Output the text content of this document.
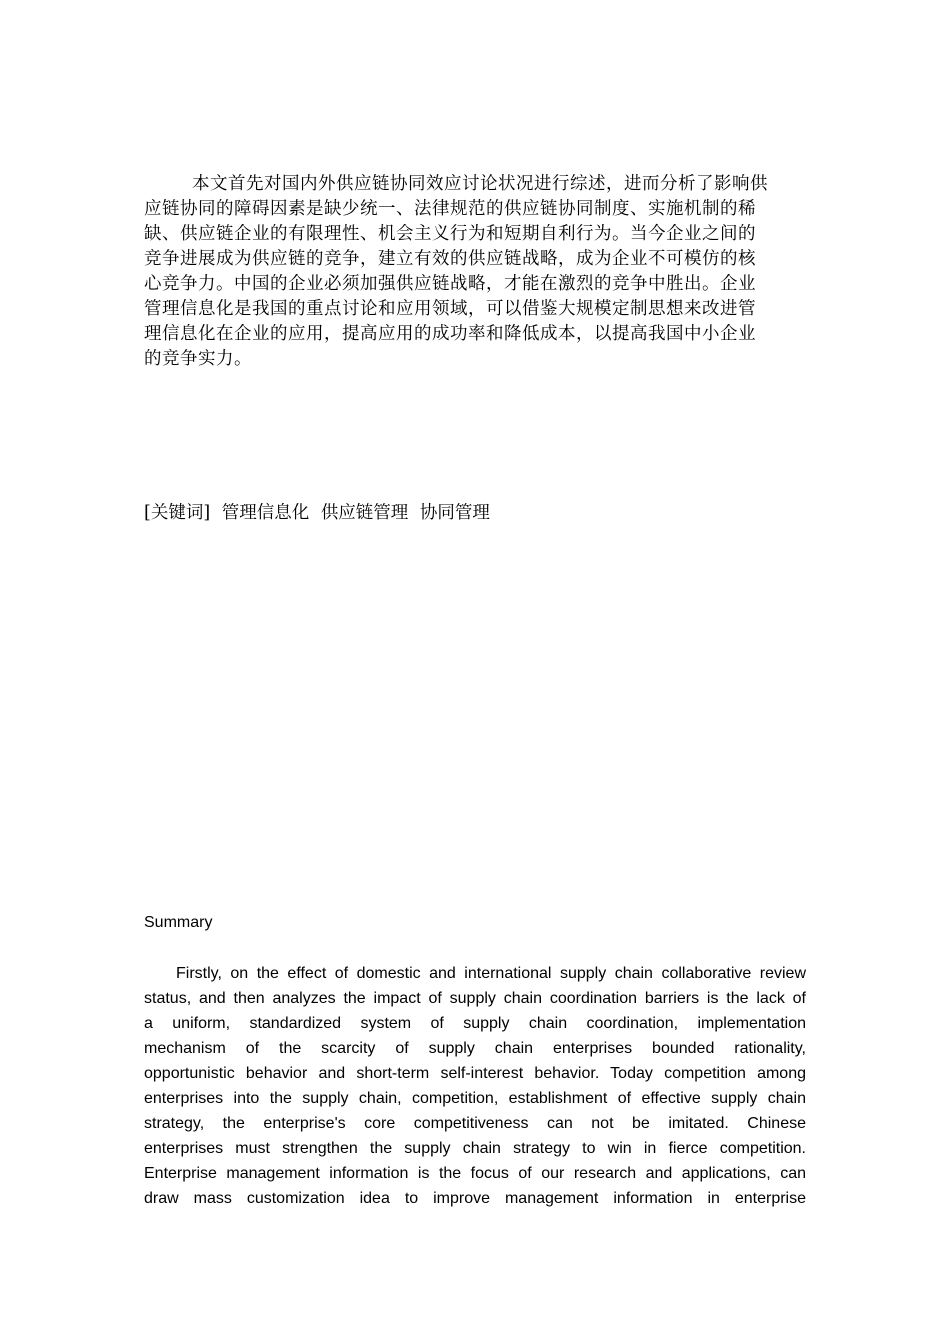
本文首先对国内外供应链协同效应讨论状况进行综述，进而分析了影响供
应链协同的障碍因素是缺少统一、法律规范的供应链协同制度、实施机制的稀
缺、供应链企业的有限理性、机会主义行为和短期自利行为。当今企业之间的
竞争进展成为供应链的竞争，建立有效的供应链战略，成为企业不可模仿的核
心竞争力。中国的企业必须加强供应链战略，才能在激烈的竞争中胜出。企业
管理信息化是我国的重点讨论和应用领域，可以借鉴大规模定制思想来改进管
理信息化在企业的应用，提高应用的成功率和降低成本，以提高我国中小企业
的竞争实力。
[关键词] 管理信息化 供应链管理 协同管理
Summary
Firstly, on the effect of domestic and international supply chain collaborative review
status, and then analyzes the impact of supply chain coordination barriers is the lack of
a uniform, standardized system of supply chain coordination, implementation
mechanism of the scarcity of supply chain enterprises bounded rationality,
opportunistic behavior and short-term self-interest behavior. Today competition among
enterprises into the supply chain, competition, establishment of effective supply chain
strategy, the enterprise's core competitiveness can not be imitated. Chinese
enterprises must strengthen the supply chain strategy to win in fierce competition.
Enterprise management information is the focus of our research and applications, can
draw mass customization idea to improve management information in enterprise
